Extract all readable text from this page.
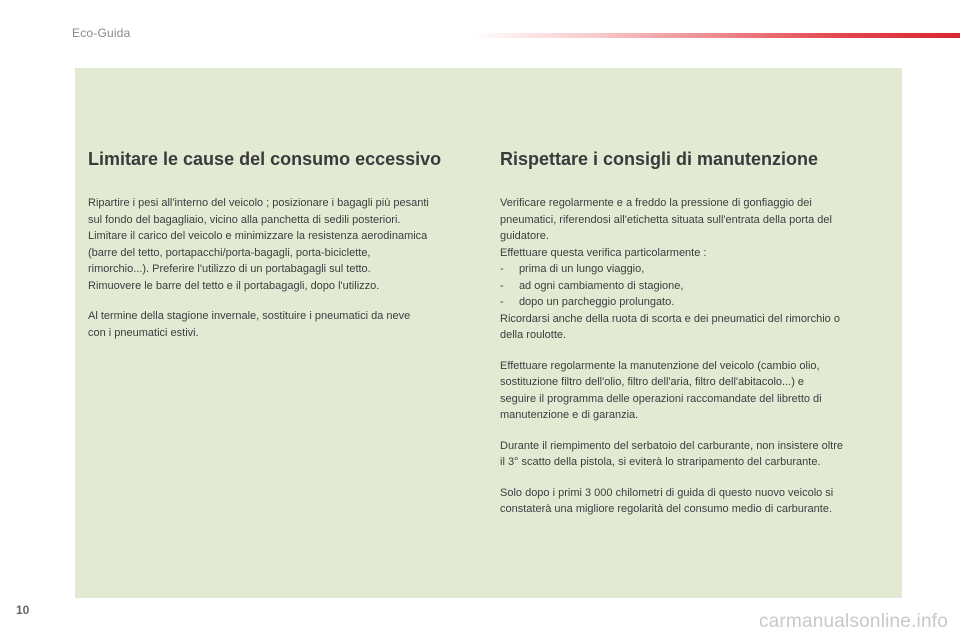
Eco-Guida
Limitare le cause del consumo eccessivo

Ripartire i pesi all'interno del veicolo ; posizionare i bagagli più pesanti
sul fondo del bagagliaio, vicino alla panchetta di sedili posteriori.
Limitare il carico del veicolo e minimizzare la resistenza aerodinamica
(barre del tetto, portapacchi/porta-bagagli, porta-biciclette,
rimorchio...). Preferire l'utilizzo di un portabagagli sul tetto.
Rimuovere le barre del tetto e il portabagagli, dopo l'utilizzo.

Al termine della stagione invernale, sostituire i pneumatici da neve
con i pneumatici estivi.

Rispettare i consigli di manutenzione

Verificare regolarmente e a freddo la pressione di gonfiaggio dei
pneumatici, riferendosi all'etichetta situata sull'entrata della porta del
guidatore.
Effettuare questa verifica particolarmente :
-     prima di un lungo viaggio,
-     ad ogni cambiamento di stagione,
-     dopo un parcheggio prolungato.
Ricordarsi anche della ruota di scorta e dei pneumatici del rimorchio o
della roulotte.

Effettuare regolarmente la manutenzione del veicolo (cambio olio,
sostituzione filtro dell'olio, filtro dell'aria, filtro dell'abitacolo...) e
seguire il programma delle operazioni raccomandate del libretto di
manutenzione e di garanzia.

Durante il riempimento del serbatoio del carburante, non insistere oltre
il 3° scatto della pistola, si eviterà lo straripamento del carburante.

Solo dopo i primi 3 000 chilometri di guida di questo nuovo veicolo si
constaterà una migliore regolarità del consumo medio di carburante.

10
carmanualsonline.info
